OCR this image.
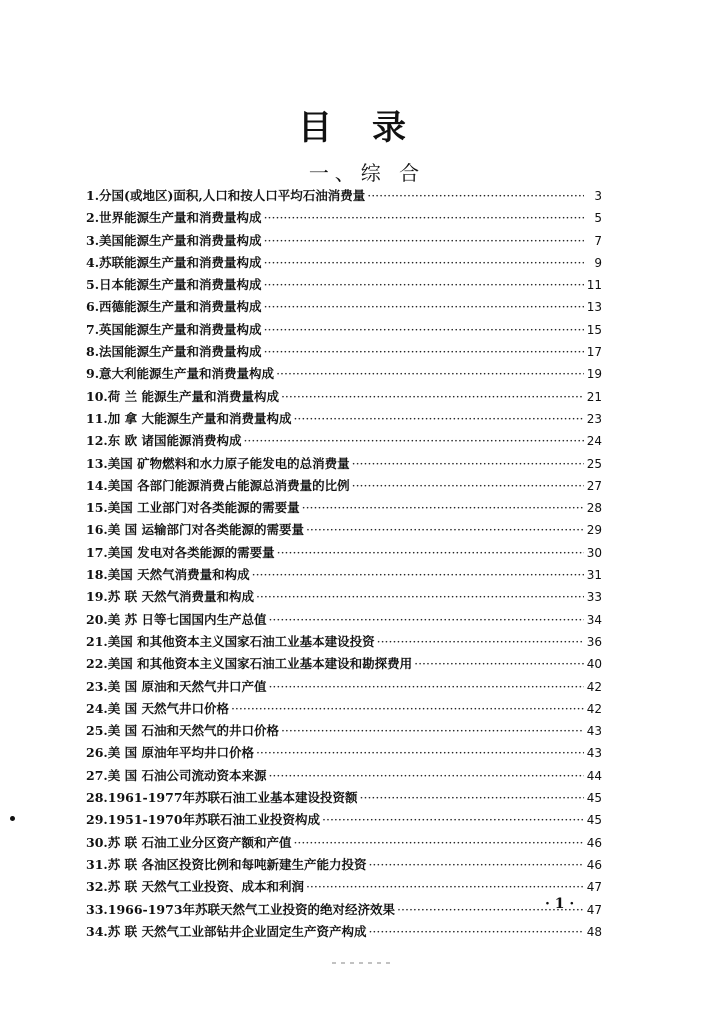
目录
一、综 合
1.分国(或地区)面积,人口和按人口平均石油消费量 ·····	3
2.世界能源生产量和消费量构成 ·····	5
3.美国能源生产量和消费量构成 ·····	7
4.苏联能源生产量和消费量构成 ·····	9
5.日本能源生产量和消费量构成 ·····	11
6.西德能源生产量和消费量构成 ·····	13
7.英国能源生产量和消费量构成 ·····	15
8.法国能源生产量和消费量构成 ·····	17
9.意大利能源生产量和消费量构成 ·····	19
10.荷 兰 能源生产量和消费量构成 ·····	21
11.加 拿 大能源生产量和消费量构成 ·····	23
12.东 欧 诸国能源消费构成 ·····	24
13.美国 矿物燃料和水力原子能发电的总消费量 ·····	25
14.美国 各部门能源消费占能源总消费量的比例 ·····	27
15.美国 工业部门对各类能源的需要量 ·····	28
16.美 国 运输部门对各类能源的需要量 ·····	29
17.美国 发电对各类能源的需要量 ·····	30
18.美国 天然气消费量和构成 ·····	31
19.苏 联 天然气消费量和构成 ·····	33
20.美 苏 日等七国国内生产总值 ·····	34
21.美国 和其他资本主义国家石油工业基本建设投资 ·····	36
22.美国 和其他资本主义国家石油工业基本建设和勘探费用 ·····	40
23.美 国 原油和天然气井口产值 ·····	42
24.美 国 天然气井口价格 ·····	42
25.美 国 石油和天然气的井口价格 ·····	43
26.美 国 原油年平均井口价格 ·····	43
27.美 国 石油公司流动资本来源 ·····	44
28.1961-1977年苏联石油工业基本建设投资额 ·····	45
29.1951-1970年苏联石油工业投资构成 ·····	45
30.苏 联 石油工业分区资产额和产值 ·····	46
31.苏 联 各油区投资比例和每吨新建生产能力投资 ·····	46
32.苏 联 天然气工业投资、成本和利润 ·····	47
33.1966-1973年苏联天然气工业投资的绝对经济效果 ·····	47
34.苏 联 天然气工业部钻井企业固定生产资产构成 ·····	48
· 1 ·
